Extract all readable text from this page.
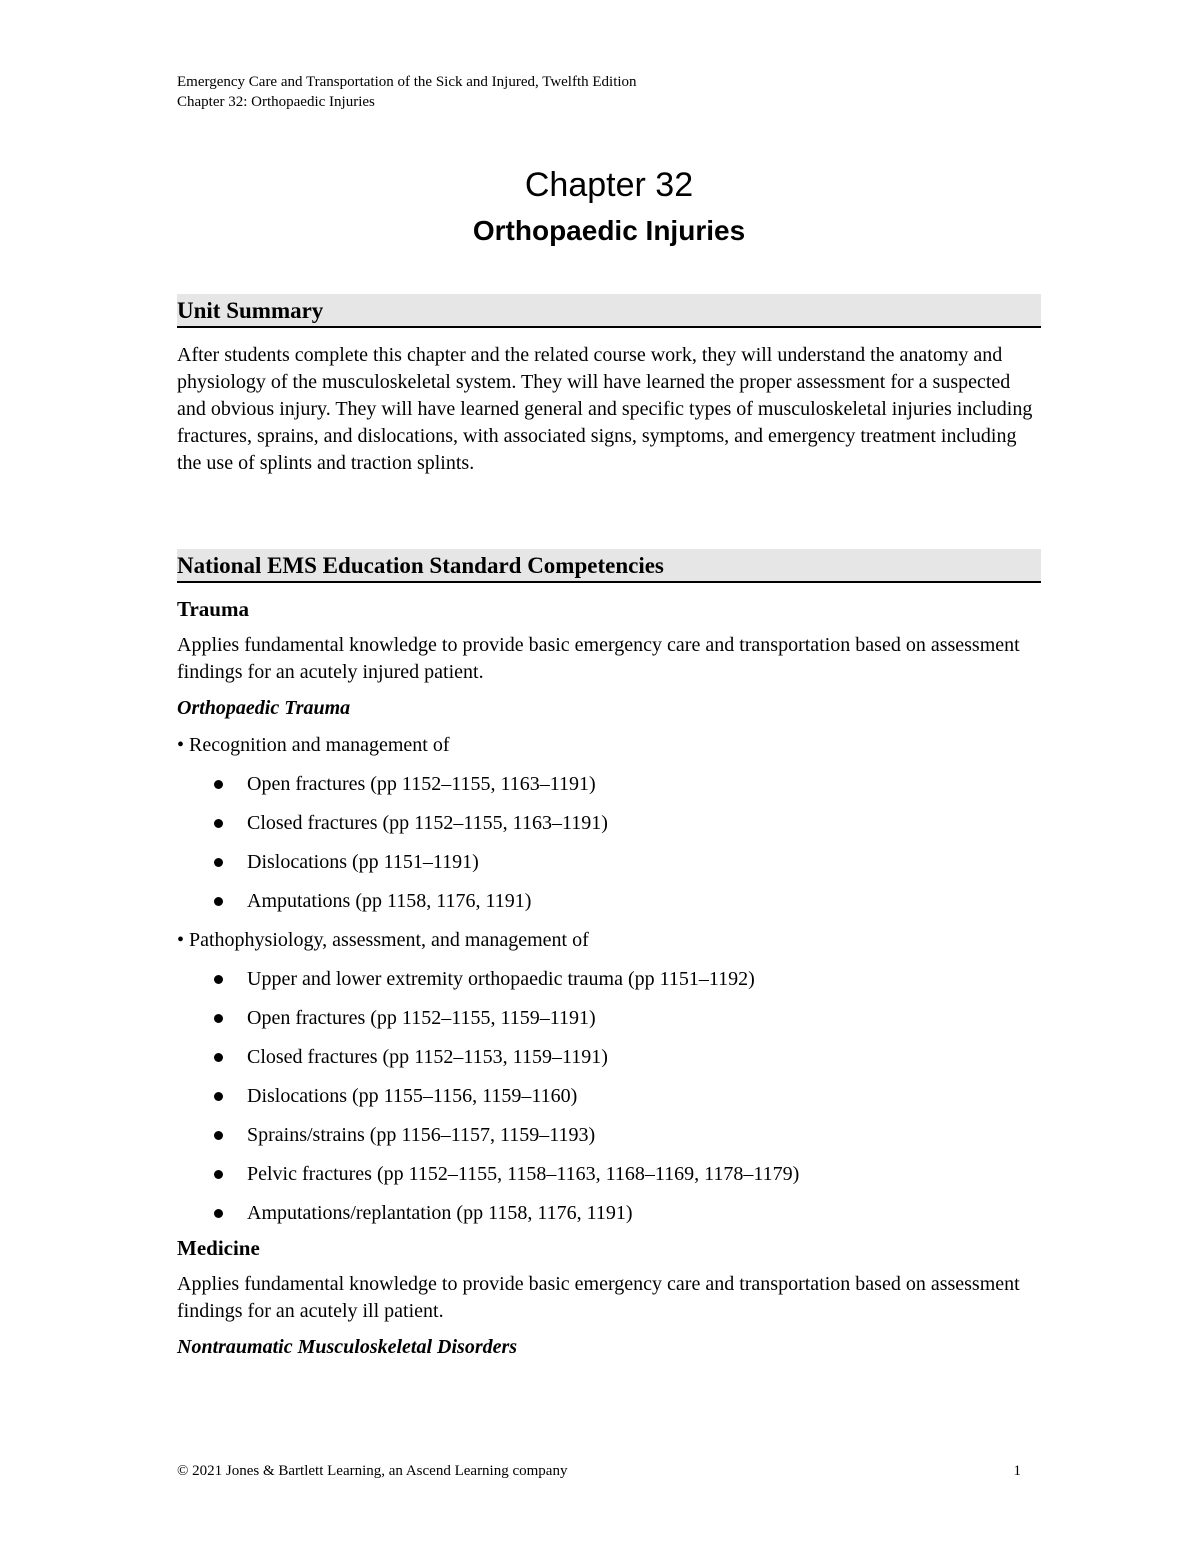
Emergency Care and Transportation of the Sick and Injured, Twelfth Edition
Chapter 32: Orthopaedic Injuries
Chapter 32
Orthopaedic Injuries
Unit Summary

After students complete this chapter and the related course work, they will understand the anatomy and physiology of the musculoskeletal system. They will have learned the proper assessment for a suspected and obvious injury. They will have learned general and specific types of musculoskeletal injuries including fractures, sprains, and dislocations, with associated signs, symptoms, and emergency treatment including the use of splints and traction splints.

National EMS Education Standard Competencies
Trauma
Applies fundamental knowledge to provide basic emergency care and transportation based on assessment findings for an acutely injured patient.
Orthopaedic Trauma
• Recognition and management of
Open fractures (pp 1152–1155, 1163–1191)
Closed fractures (pp 1152–1155, 1163–1191)
Dislocations (pp 1151–1191)
Amputations (pp 1158, 1176, 1191)
• Pathophysiology, assessment, and management of
Upper and lower extremity orthopaedic trauma (pp 1151–1192)
Open fractures (pp 1152–1155, 1159–1191)
Closed fractures (pp 1152–1153, 1159–1191)
Dislocations (pp 1155–1156, 1159–1160)
Sprains/strains (pp 1156–1157, 1159–1193)
Pelvic fractures (pp 1152–1155, 1158–1163, 1168–1169, 1178–1179)
Amputations/replantation (pp 1158, 1176, 1191)
Medicine
Applies fundamental knowledge to provide basic emergency care and transportation based on assessment findings for an acutely ill patient.
Nontraumatic Musculoskeletal Disorders
© 2021 Jones & Bartlett Learning, an Ascend Learning company	1
